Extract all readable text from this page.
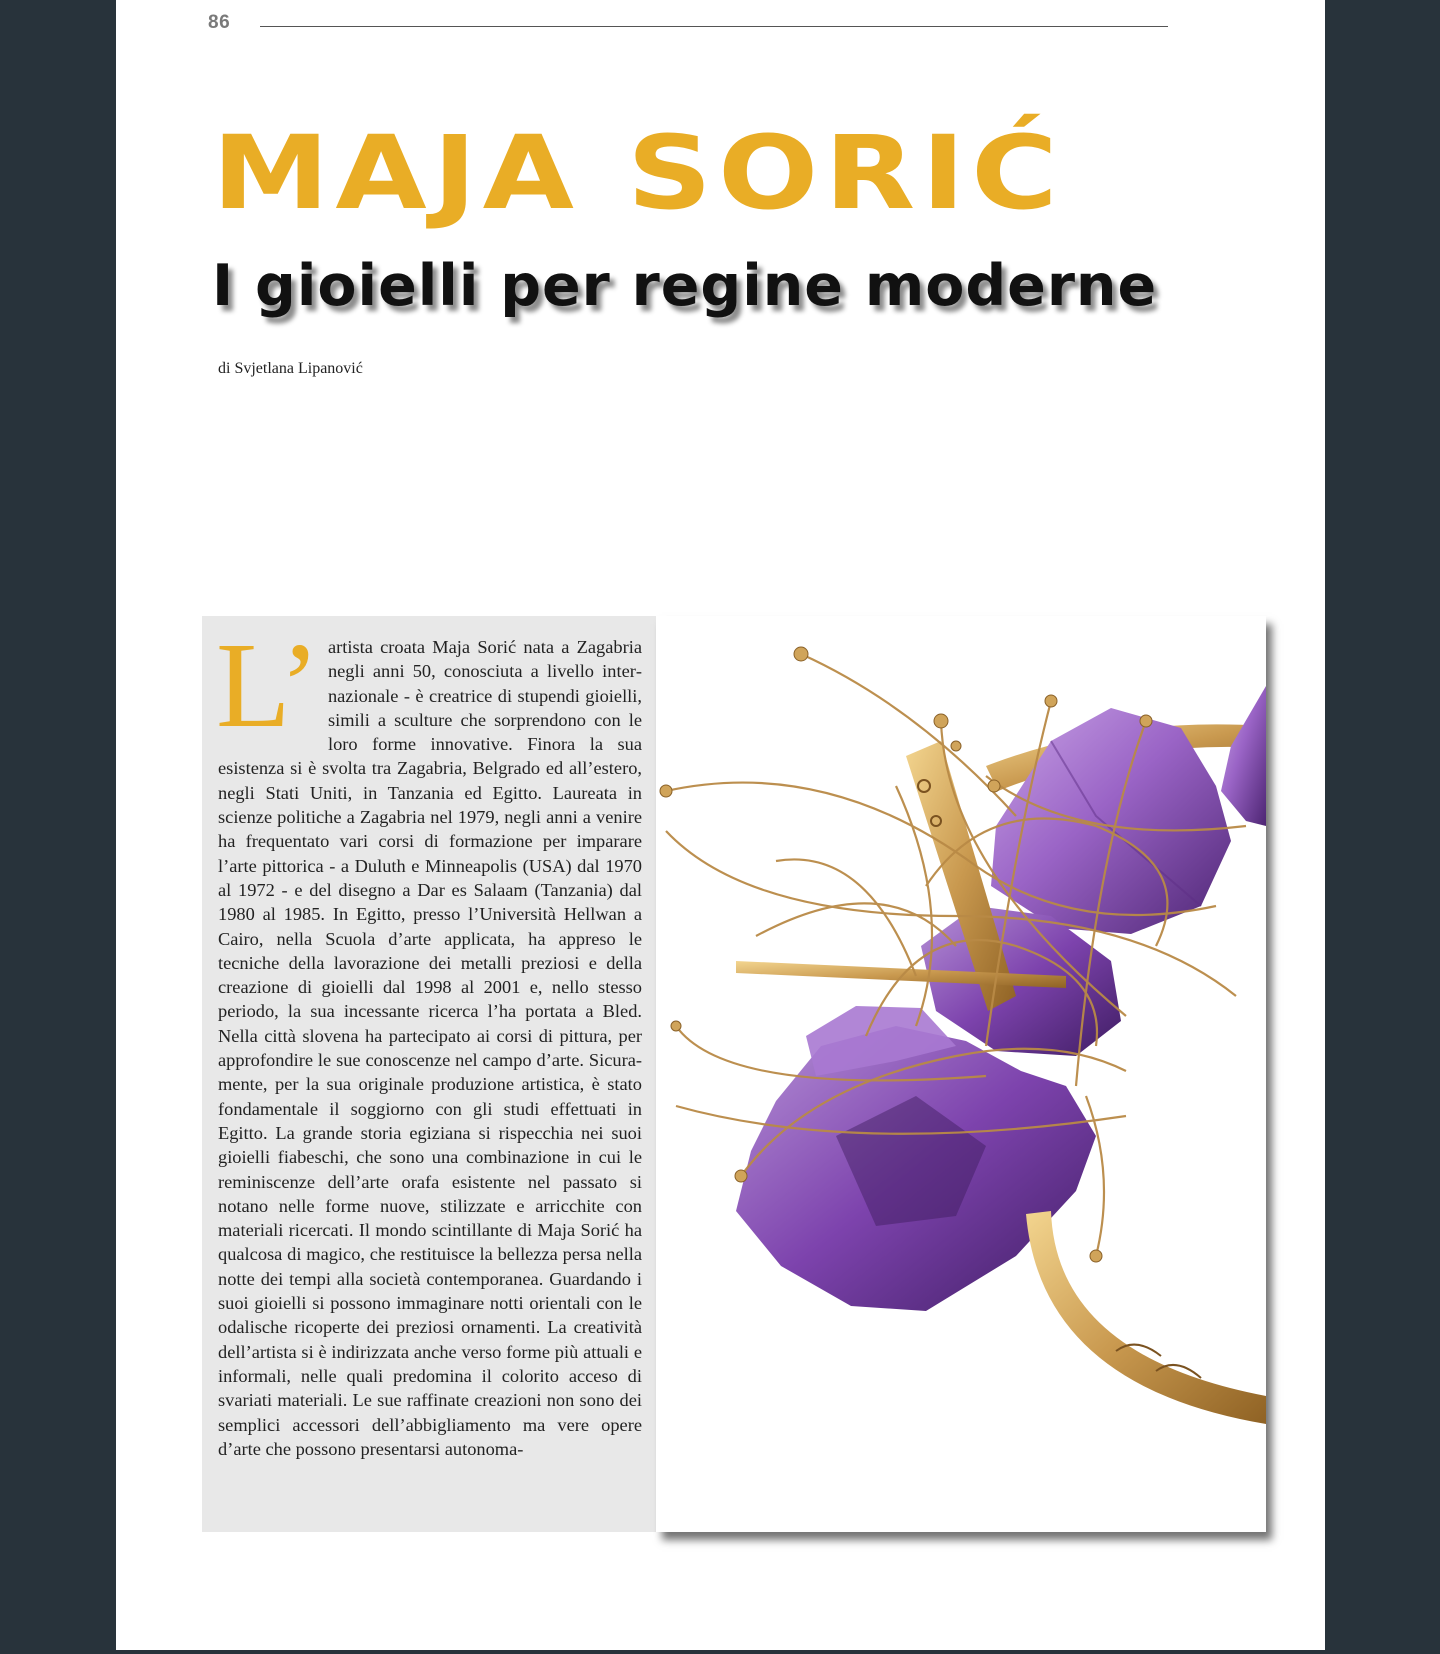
86
MAJA SORIĆ
I gioielli per regine moderne
di Svjetlana Lipanović
L’ artista croata Maja Sorić nata a Zagabria negli anni 50, conosciuta a livello internazionale - è creatrice di stupendi gioielli, simili a sculture che sorprendono con le loro forme innovative. Finora la sua esistenza si è svolta tra Zagabria, Belgrado ed all’estero, negli Stati Uniti, in Tanzania ed Egitto. Laureata in scienze politiche a Zagabria nel 1979, negli anni a venire ha frequentato vari corsi di formazione per imparare l’arte pittorica - a Duluth e Minneapolis (USA) dal 1970 al 1972 - e del disegno a Dar es Salaam (Tanzania) dal 1980 al 1985. In Egitto, presso l’Università Hellwan a Cairo, nella Scuola d’arte applicata, ha appreso le tecniche della lavorazione dei metalli preziosi e della creazione di gioielli dal 1998 al 2001 e, nello stesso periodo, la sua incessante ricerca l’ha portata a Bled. Nella città slovena ha partecipato ai corsi di pittura, per approfondire le sue conoscenze nel campo d’arte. Sicuramente, per la sua originale produzione artistica, è stato fondamentale il soggiorno con gli studi effettuati in Egitto. La grande storia egiziana si rispecchia nei suoi gioielli fiabeschi, che sono una combinazione in cui le reminiscenze dell’arte orafa esistente nel passato si notano nelle forme nuove, stilizzate e arricchite con materiali ricercati. Il mondo scintillante di Maja Sorić ha qualcosa di magico, che restituisce la bellezza persa nella notte dei tempi alla società contemporanea. Guardando i suoi gioielli si possono immaginare notti orientali con le odalische ricoperte dei preziosi ornamenti. La creatività dell’artista si è indirizzata anche verso forme più attuali e informali, nelle quali predomina il colorito acceso di svariati materiali. Le sue raffinate creazioni non sono dei semplici accessori dell’abbigliamento ma vere opere d’arte che possono presentarsi autonoma-
